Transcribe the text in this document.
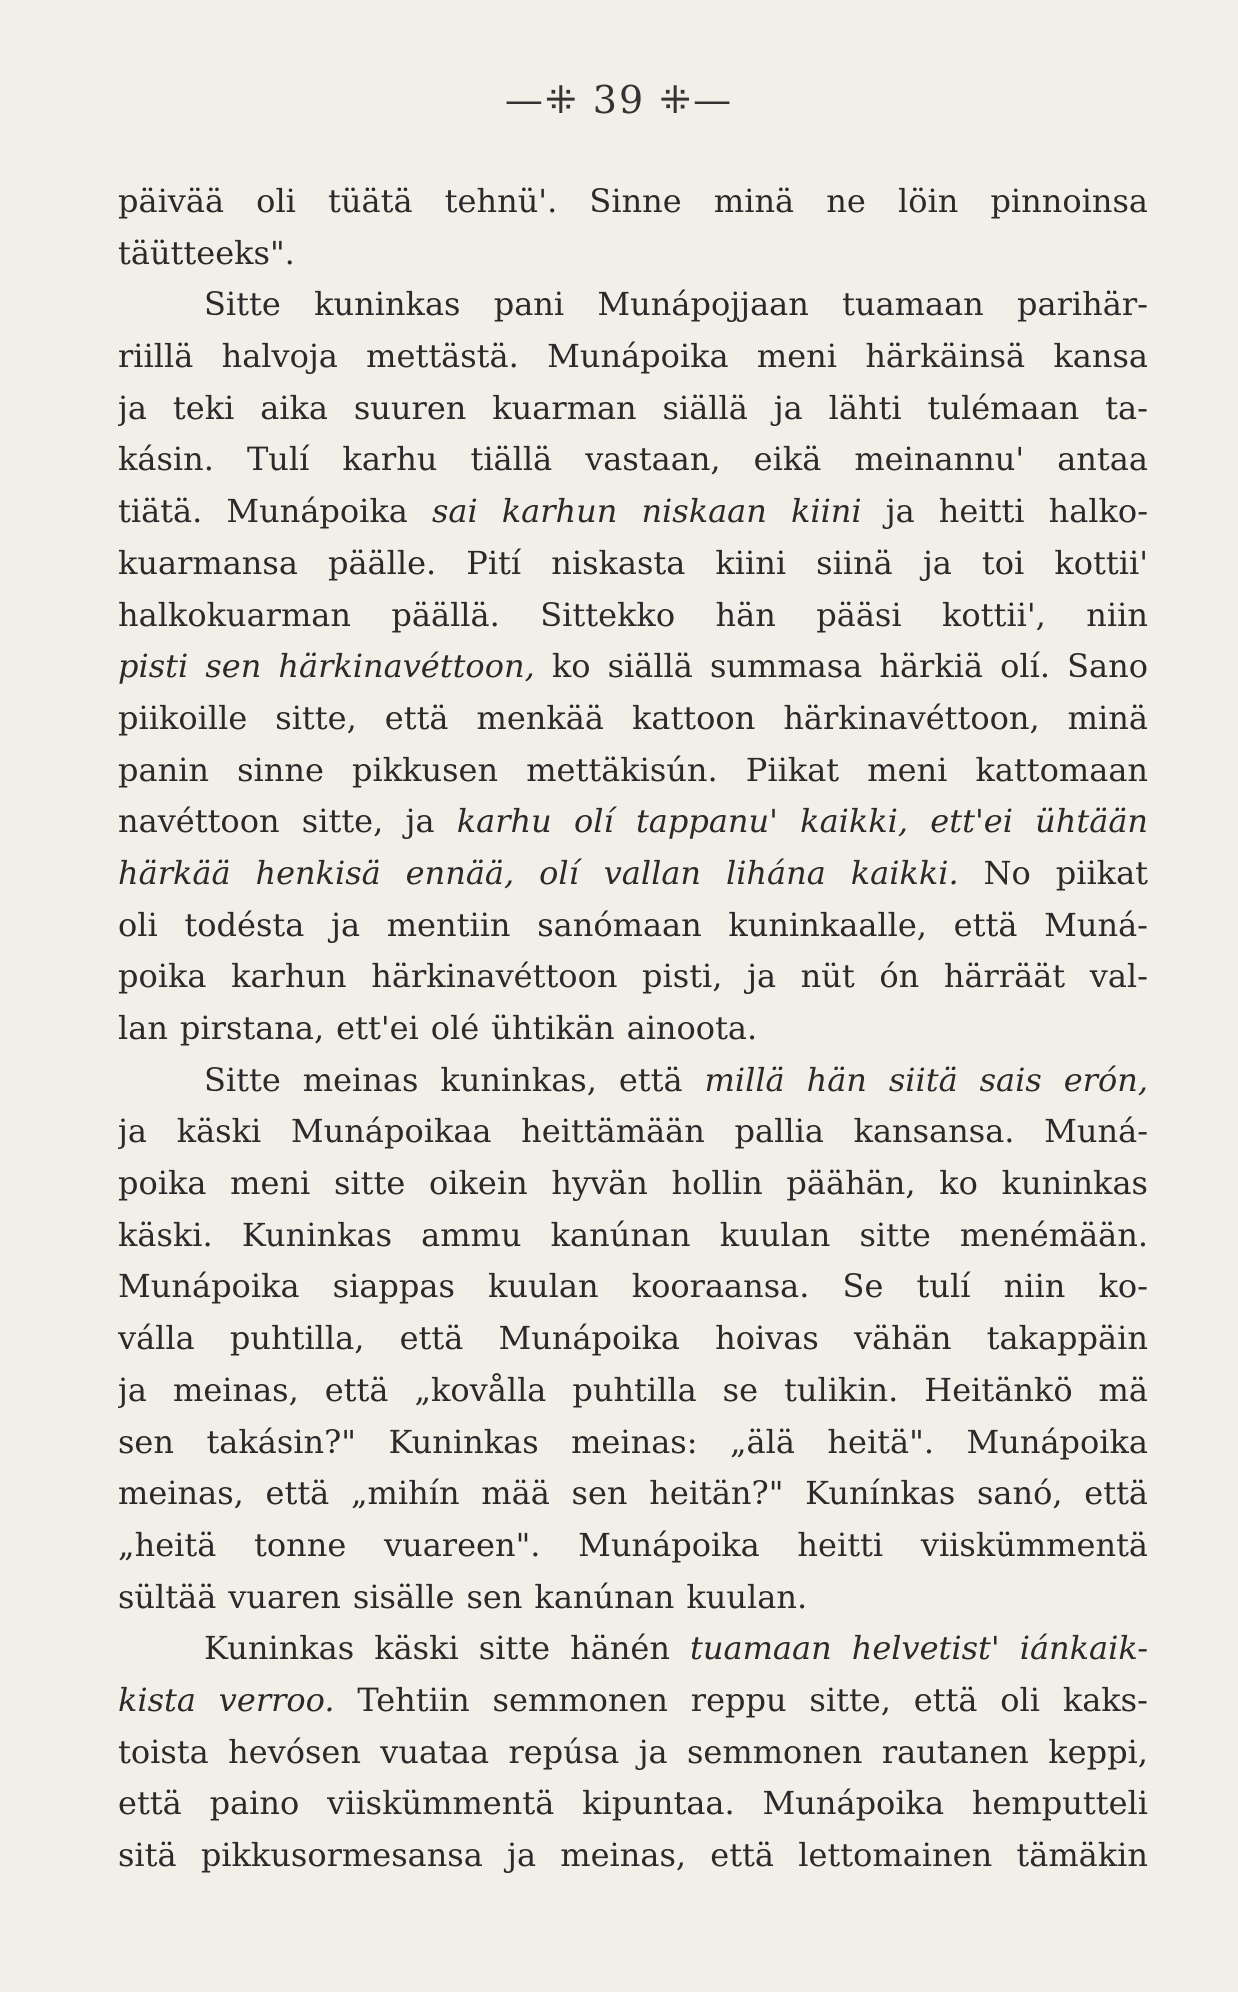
—⁜ 39 ⁜—
päivää oli tüätä tehnü'. Sinne minä ne löin pinnoinsa
täütteeks".
Sitte kuninkas pani Munápojjaan tuamaan parihär-
riillä halvoja mettästä. Munápoika meni härkäinsä kansa
ja teki aika suuren kuarman siällä ja lähti tulémaan ta-
kásin. Tulí karhu tiällä vastaan, eikä meinannu' antaa
tiätä. Munápoika sai karhun niskaan kiini ja heitti halko-
kuarmansa päälle. Pití niskasta kiini siinä ja toi kottii'
halkokuarman päällä. Sittekko hän pääsi kottii', niin
pisti sen härkinavéttoon, ko siällä summasa härkiä olí. Sano
piikoille sitte, että menkää kattoon härkinavéttoon, minä
panin sinne pikkusen mettäkisún. Piikat meni kattomaan
navéttoon sitte, ja karhu olí tappanu' kaikki, ett'ei ühtään
härkää henkisä ennää, olí vallan lihána kaikki. No piikat
oli todésta ja mentiin sanómaan kuninkaalle, että Muná-
poika karhun härkinavéttoon pisti, ja nüt ón härräät val-
lan pirstana, ett'ei olé ühtikän ainoota.
Sitte meinas kuninkas, että millä hän siitä sais erón,
ja käski Munápoikaa heittämään pallia kansansa. Muná-
poika meni sitte oikein hyvän hollin päähän, ko kuninkas
käski. Kuninkas ammu kanúnan kuulan sitte menémään.
Munápoika siappas kuulan kooraansa. Se tulí niin ko-
válla puhtilla, että Munápoika hoivas vähän takappäin
ja meinas, että „kovålla puhtilla se tulikin. Heitänkö mä
sen takásin?" Kuninkas meinas: „älä heitä". Munápoika
meinas, että „mihín mää sen heitän?" Kunínkas sanó, että
„heitä tonne vuareen". Munápoika heitti viiskümmentä
sültää vuaren sisälle sen kanúnan kuulan.
Kuninkas käski sitte hänén tuamaan helvetist' iánkaik-
kista verroo. Tehtiin semmonen reppu sitte, että oli kaks-
toista hevósen vuataa repúsa ja semmonen rautanen keppi,
että paino viiskümmentä kipuntaa. Munápoika hemputteli
sitä pikkusormesansa ja meinas, että lettomainen tämäkin
